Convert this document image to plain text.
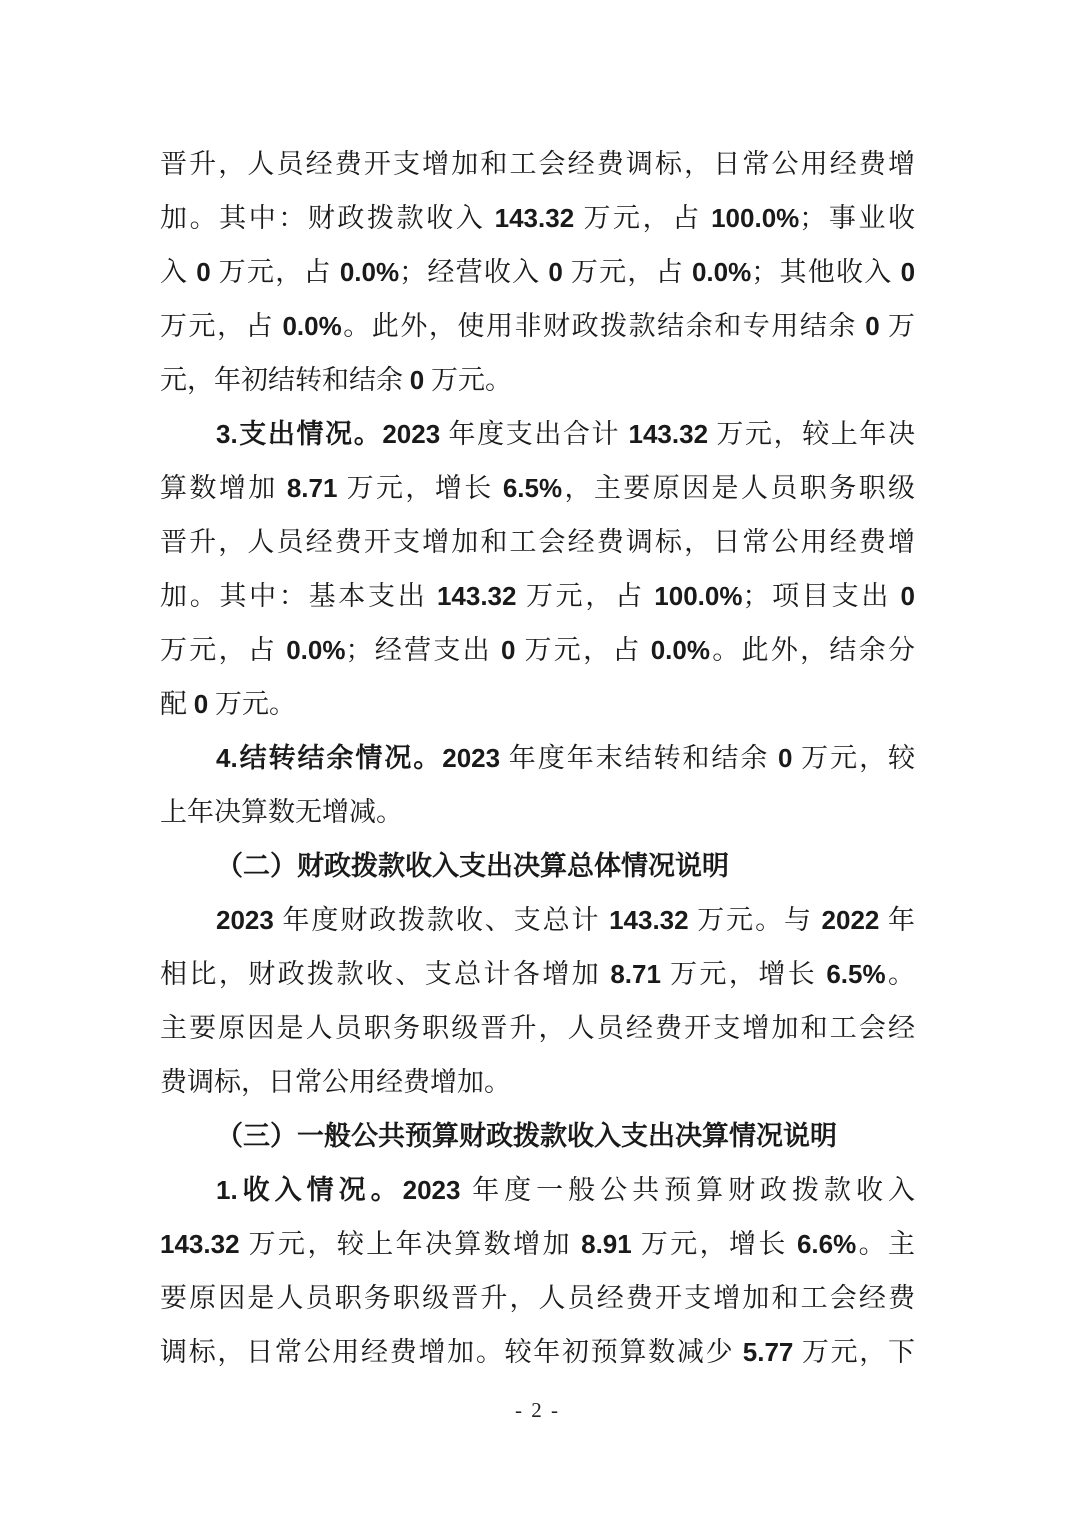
晋升，人员经费开支增加和工会经费调标，日常公用经费增
加。其中：财政拨款收入 143.32 万元，占 100.0%；事业收
入 0 万元，占 0.0%；经营收入 0 万元，占 0.0%；其他收入 0
万元，占 0.0%。此外，使用非财政拨款结余和专用结余 0 万
元，年初结转和结余 0 万元。
3.支出情况。2023 年度支出合计 143.32 万元，较上年决
算数增加 8.71 万元，增长 6.5%，主要原因是人员职务职级
晋升，人员经费开支增加和工会经费调标，日常公用经费增
加。其中：基本支出 143.32 万元，占 100.0%；项目支出 0
万元，占 0.0%；经营支出 0 万元，占 0.0%。此外，结余分
配 0 万元。
4.结转结余情况。2023 年度年末结转和结余 0 万元，较
上年决算数无增减。
（二）财政拨款收入支出决算总体情况说明
2023 年度财政拨款收、支总计 143.32 万元。与 2022 年
相比，财政拨款收、支总计各增加 8.71 万元，增长 6.5%。
主要原因是人员职务职级晋升，人员经费开支增加和工会经
费调标，日常公用经费增加。
（三）一般公共预算财政拨款收入支出决算情况说明
1.收入情况。2023 年度一般公共预算财政拨款收入
143.32 万元，较上年决算数增加 8.91 万元，增长 6.6%。主
要原因是人员职务职级晋升，人员经费开支增加和工会经费
调标，日常公用经费增加。较年初预算数减少 5.77 万元，下
- 2 -
